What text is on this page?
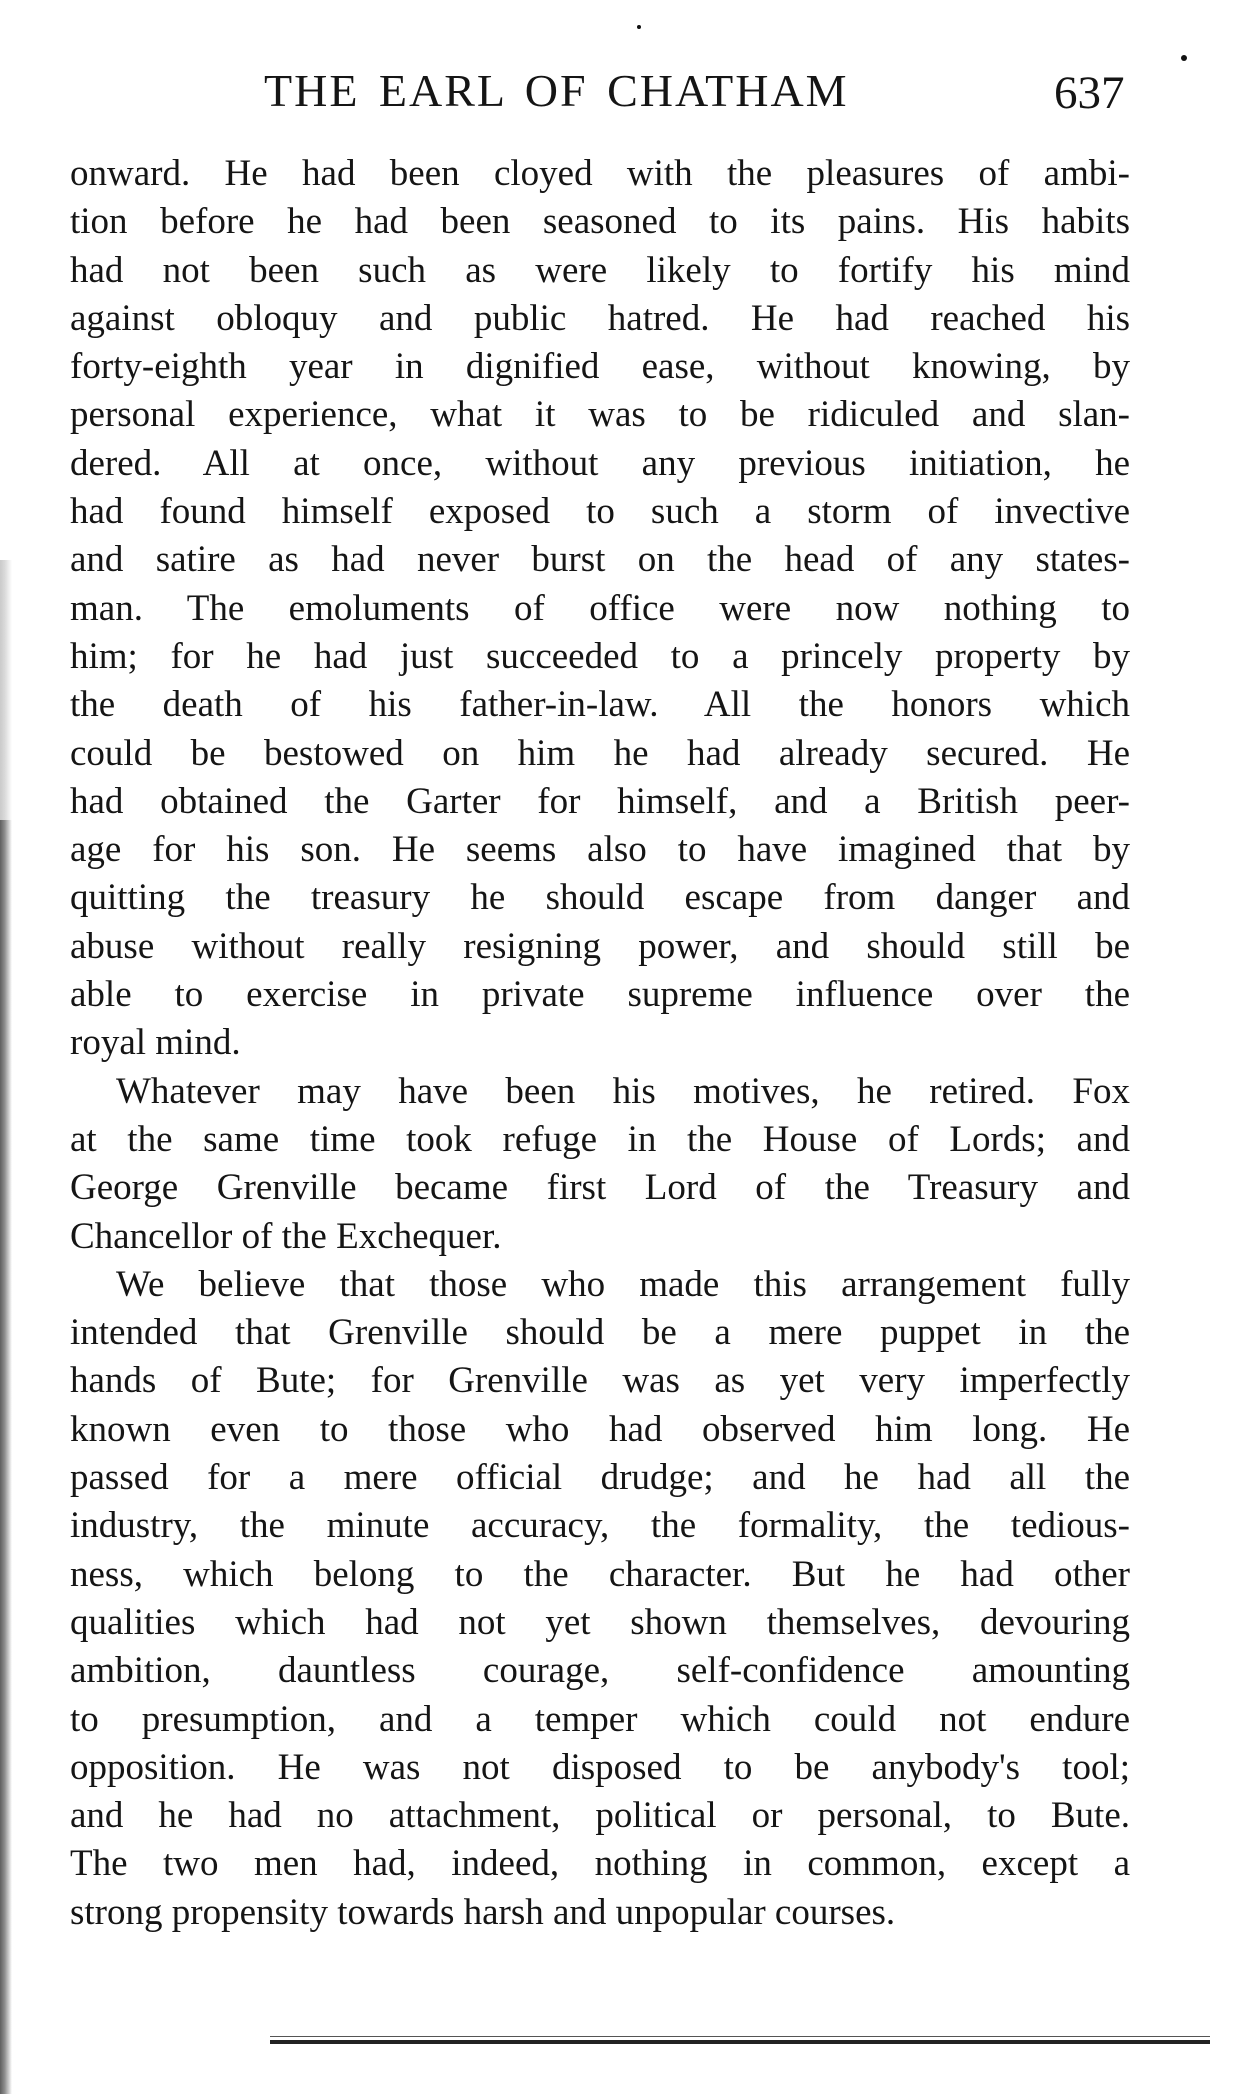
THE EARL OF CHATHAM	637
onward. He had been cloyed with the pleasures of ambi-
tion before he had been seasoned to its pains. His habits
had not been such as were likely to fortify his mind
against obloquy and public hatred. He had reached his
forty-eighth year in dignified ease, without knowing, by
personal experience, what it was to be ridiculed and slan-
dered. All at once, without any previous initiation, he
had found himself exposed to such a storm of invective
and satire as had never burst on the head of any states-
man. The emoluments of office were now nothing to
him; for he had just succeeded to a princely property by
the death of his father-in-law. All the honors which
could be bestowed on him he had already secured. He
had obtained the Garter for himself, and a British peer-
age for his son. He seems also to have imagined that by
quitting the treasury he should escape from danger and
abuse without really resigning power, and should still be
able to exercise in private supreme influence over the
royal mind.
Whatever may have been his motives, he retired. Fox
at the same time took refuge in the House of Lords; and
George Grenville became first Lord of the Treasury and
Chancellor of the Exchequer.
We believe that those who made this arrangement fully
intended that Grenville should be a mere puppet in the
hands of Bute; for Grenville was as yet very imperfectly
known even to those who had observed him long. He
passed for a mere official drudge; and he had all the
industry, the minute accuracy, the formality, the tedious-
ness, which belong to the character. But he had other
qualities which had not yet shown themselves, devouring
ambition, dauntless courage, self-confidence amounting
to presumption, and a temper which could not endure
opposition. He was not disposed to be anybody's tool;
and he had no attachment, political or personal, to Bute.
The two men had, indeed, nothing in common, except a
strong propensity towards harsh and unpopular courses.
